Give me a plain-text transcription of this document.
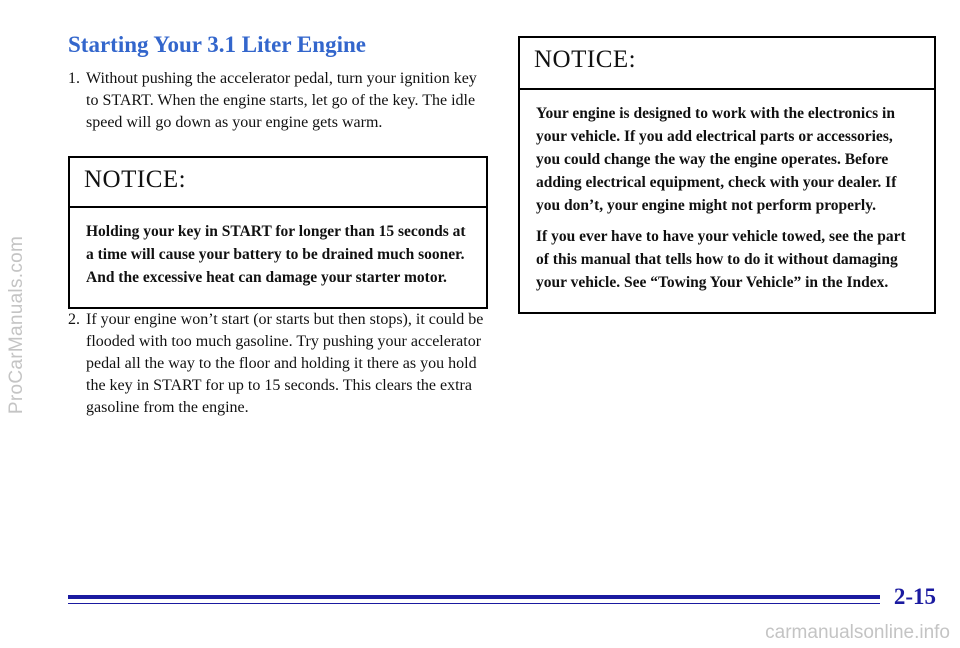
ProCarManuals.com
Starting Your 3.1 Liter Engine
1. Without pushing the accelerator pedal, turn your ignition key to START. When the engine starts, let go of the key. The idle speed will go down as your engine gets warm.
NOTICE:

Holding your key in START for longer than 15 seconds at a time will cause your battery to be drained much sooner. And the excessive heat can damage your starter motor.

2. If your engine won’t start (or starts but then stops), it could be flooded with too much gasoline. Try pushing your accelerator pedal all the way to the floor and holding it there as you hold the key in START for up to 15 seconds. This clears the extra gasoline from the engine.
NOTICE:

Your engine is designed to work with the electronics in your vehicle. If you add electrical parts or accessories, you could change the way the engine operates. Before adding electrical equipment, check with your dealer. If you don’t, your engine might not perform properly.

If you ever have to have your vehicle towed, see the part of this manual that tells how to do it without damaging your vehicle. See “Towing Your Vehicle” in the Index.

2-15
carmanualsonline.info
